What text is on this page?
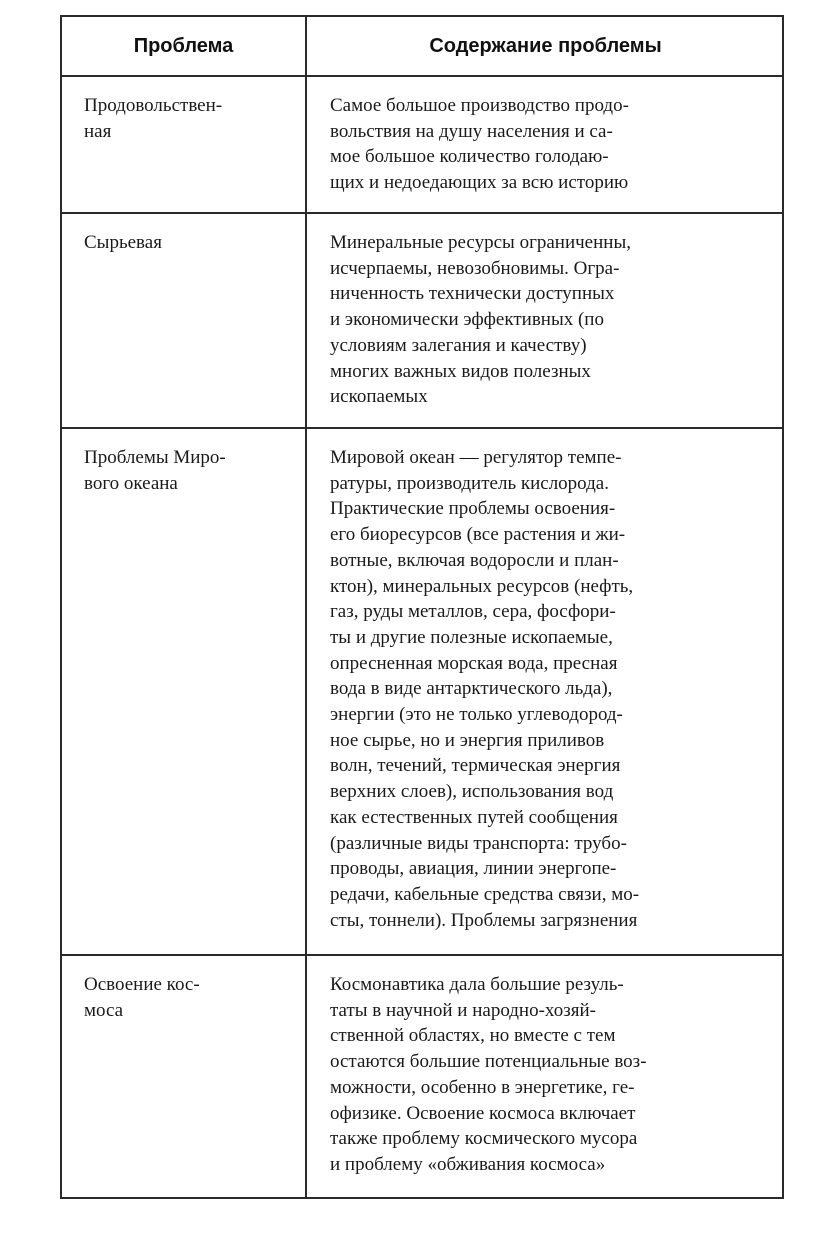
Проблема	Содержание проблемы
Продовольствен-
ная
Самое большое производство продо-
вольствия на душу населения и са-
мое большое количество голодаю-
щих и недоедающих за всю историю
Сырьевая	Минеральные ресурсы ограниченны,
исчерпаемы, невозобновимы. Огра-
ниченность технически доступных
и экономически эффективных (по
условиям залегания и качеству)
многих важных видов полезных
ископаемых
Проблемы Миро-
вого океана
Мировой океан — регулятор темпе-
ратуры, производитель кислорода.
Практические проблемы освоения-
его биоресурсов (все растения и жи-
вотные, включая водоросли и план-
ктон), минеральных ресурсов (нефть,
газ, руды металлов, сера, фосфори-
ты и другие полезные ископаемые,
опресненная морская вода, пресная
вода в виде антарктического льда),
энергии (это не только углеводород-
ное сырье, но и энергия приливов
волн, течений, термическая энергия
верхних слоев), использования вод
как естественных путей сообщения
(различные виды транспорта: трубо-
проводы, авиация, линии энергопе-
редачи, кабельные средства связи, мо-
сты, тоннели). Проблемы загрязнения
Освоение кос-
моса
Космонавтика дала большие резуль-
таты в научной и народно-хозяй-
ственной областях, но вместе с тем
остаются большие потенциальные воз-
можности, особенно в энергетике, ге-
офизике. Освоение космоса включает
также проблему космического мусора
и проблему «обживания космоса»
